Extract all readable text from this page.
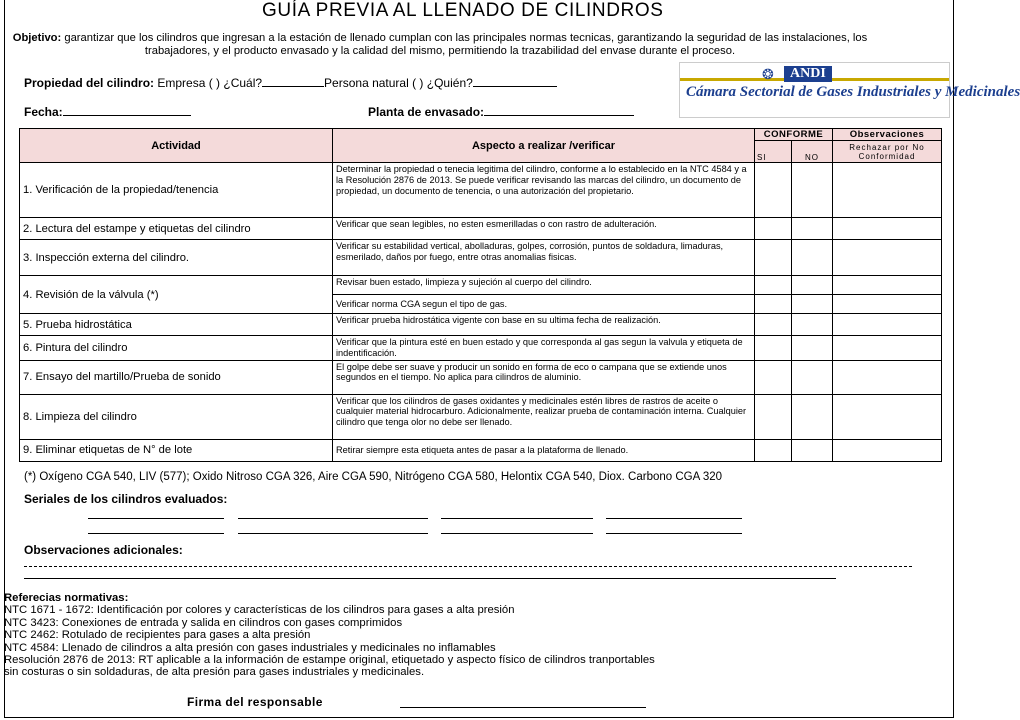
GUÍA PREVIA AL LLENADO DE CILINDROS
Objetivo: garantizar que los cilindros que ingresan a la estación de llenado cumplan con las principales normas tecnicas, garantizando la seguridad de las instalaciones, los trabajadores, y el producto envasado y la calidad del mismo, permitiendo la trazabilidad del envase durante el proceso.
Propiedad del cilindro: Empresa ( ) ¿Cuál?	Persona natural ( ) ¿Quién?
Fecha:	Planta de envasado:
❂	ANDI
Cámara Sectorial de Gases Industriales y Medicinales
Actividad	Aspecto a realizar /verificar	CONFORME		Observaciones
		SI	NO	Rechazar por No Conformidad
1. Verificación de la propiedad/tenencia	Determinar la propiedad o tenecia legitima del cilindro, conforme a lo establecido en la NTC 4584 y a la Resolución 2876 de 2013. Se puede verificar revisando las marcas del cilindro, un documento de propiedad, un documento de tenencia, o una autorización del propietario.			
2. Lectura del estampe y etiquetas del cilindro	Verificar que sean legibles, no esten esmerilladas o con rastro de adulteración.			
3. Inspección externa del cilindro.	Verificar su estabilidad vertical, abolladuras, golpes, corrosión, puntos de soldadura, limaduras, esmerilado, daños por fuego, entre otras anomalias fisicas.			
4. Revisión de la válvula (*)	Revisar buen estado, limpieza y sujeción al cuerpo del cilindro.			
	Verificar norma CGA segun el tipo de gas.			
5. Prueba hidrostática	Verificar prueba hidrostática vigente con base en su ultima fecha de realización.			
6. Pintura del cilindro	Verificar que la pintura esté en buen estado y que corresponda al gas segun la valvula y etiqueta de indentificación.			
7. Ensayo del martillo/Prueba de sonido	El golpe debe ser suave y producir un sonido en forma de eco o campana que se extiende unos segundos en el tiempo. No aplica para cilindros de aluminio.			
8. Limpieza del cilindro	Verificar que los cilindros de gases oxidantes y medicinales estén libres de rastros de aceite o cualquier material hidrocarburo. Adicionalmente, realizar prueba de contaminación interna. Cualquier cilindro que tenga olor no debe ser llenado.			
9. Eliminar etiquetas de N° de lote	Retirar siempre esta etiqueta antes de pasar a la plataforma de llenado.			
(*) Oxígeno CGA 540, LIV (577); Oxido Nitroso CGA 326, Aire CGA 590, Nitrógeno CGA 580, Helontix CGA 540, Diox. Carbono CGA 320
Seriales de los cilindros evaluados:
Observaciones adicionales:
Referecias normativas:
NTC 1671 - 1672: Identificación por colores y características de los cilindros para gases a alta presión
NTC 3423: Conexiones de entrada y salida en cilindros con gases comprimidos
NTC 2462: Rotulado de recipientes para gases a alta presión
NTC 4584: Llenado de cilindros a alta presión con gases industriales y medicinales no inflamables
Resolución 2876 de 2013: RT aplicable a la información de estampe original, etiquetado y aspecto físico de cilindros tranportables
sin costuras o sin soldaduras, de alta presión para gases industriales y medicinales.
Firma del responsable
